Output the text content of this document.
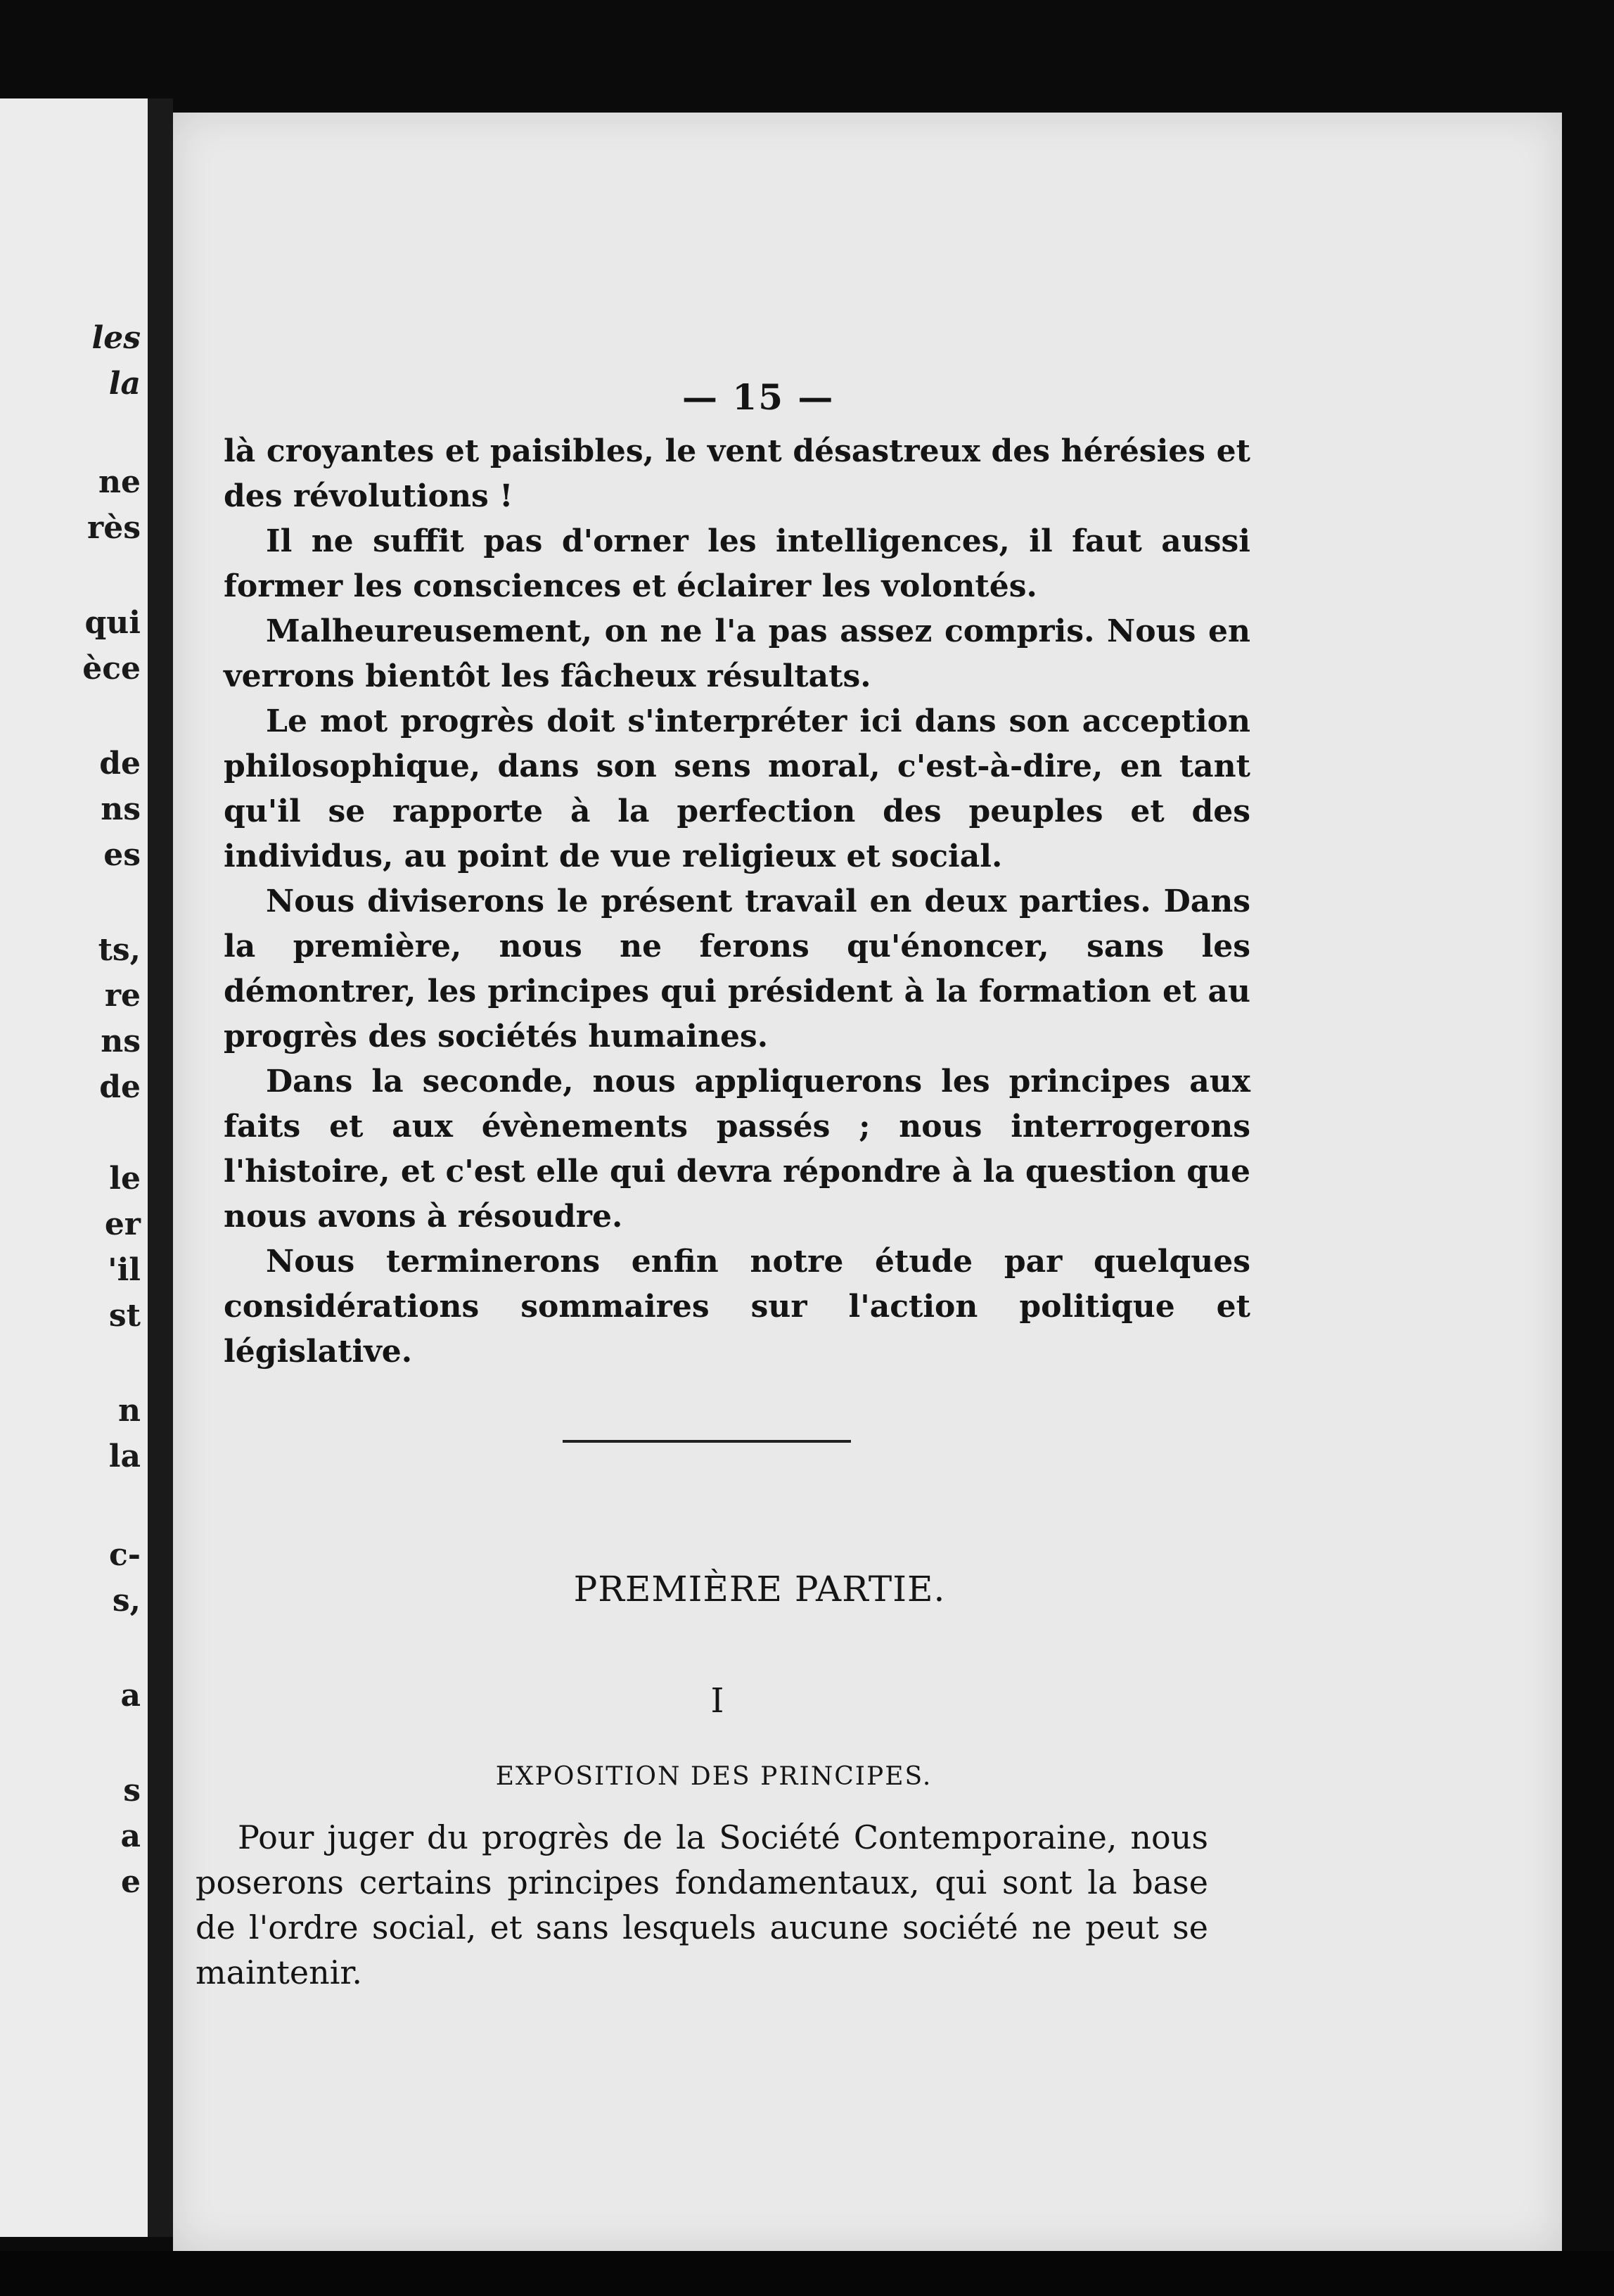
les
la
ne
rès
qui
èce
de
ns
es
ts,
re
ns
de
le
er
'il
st
n
la
c-
s,
a
s
a
e
— 15 —

là croyantes et paisibles, le vent désastreux des hérésies et des révolutions !

Il ne suffit pas d'orner les intelligences, il faut aussi former les consciences et éclairer les volontés.

Malheureusement, on ne l'a pas assez compris. Nous en verrons bientôt les fâcheux résultats.

Le mot progrès doit s'interpréter ici dans son acception philosophique, dans son sens moral, c'est-à-dire, en tant qu'il se rapporte à la perfection des peuples et des individus, au point de vue religieux et social.

Nous diviserons le présent travail en deux parties. Dans la première, nous ne ferons qu'énoncer, sans les démontrer, les principes qui président à la formation et au progrès des sociétés humaines.

Dans la seconde, nous appliquerons les principes aux faits et aux évènements passés ; nous interrogerons l'histoire, et c'est elle qui devra répondre à la question que nous avons à résoudre.

Nous terminerons enfin notre étude par quelques considérations sommaires sur l'action politique et législative.

PREMIÈRE PARTIE.
I
EXPOSITION DES PRINCIPES.

Pour juger du progrès de la Société Contemporaine, nous poserons certains principes fondamentaux, qui sont la base de l'ordre social, et sans lesquels aucune société ne peut se maintenir.
